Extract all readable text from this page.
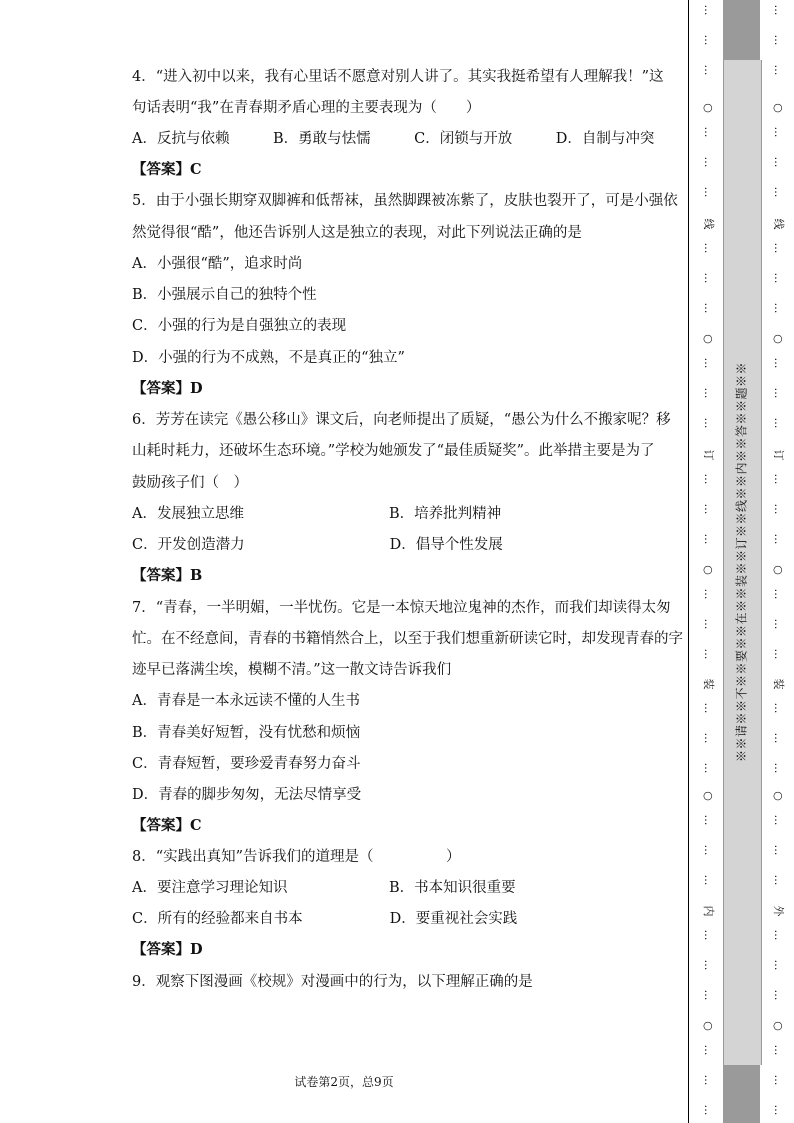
4．“进入初中以来，我有心里话不愿意对别人讲了。其实我挺希望有人理解我！”这
句话表明“我”在青春期矛盾心理的主要表现为（　　）
A．反抗与依赖　　　B．勇敢与怯懦　　　C．闭锁与开放　　　D．自制与冲突
【答案】C
5．由于小强长期穿双脚裤和低帮袜，虽然脚踝被冻紫了，皮肤也裂开了，可是小强依
然觉得很“酷”，他还告诉别人这是独立的表现，对此下列说法正确的是
A．小强很“酷”，追求时尚
B．小强展示自己的独特个性
C．小强的行为是自强独立的表现
D．小强的行为不成熟，不是真正的“独立”
【答案】D
6．芳芳在读完《愚公移山》课文后，向老师提出了质疑，“愚公为什么不搬家呢？移
山耗时耗力，还破坏生态环境。”学校为她颁发了“最佳质疑奖”。此举措主要是为了
鼓励孩子们（　）
A．发展独立思维　　　　　　　　　　B．培养批判精神
C．开发创造潜力　　　　　　　　　　D．倡导个性发展
【答案】B
7．“青春，一半明媚，一半忧伤。它是一本惊天地泣鬼神的杰作，而我们却读得太匆
忙。在不经意间，青春的书籍悄然合上，以至于我们想重新研读它时，却发现青春的字
迹早已落满尘埃，模糊不清。”这一散文诗告诉我们
A．青春是一本永远读不懂的人生书
B．青春美好短暂，没有忧愁和烦恼
C．青春短暂，要珍爱青春努力奋斗
D．青春的脚步匆匆，无法尽情享受
【答案】C
8．“实践出真知”告诉我们的道理是（　　　　　）
A．要注意学习理论知识　　　　　　　B．书本知识很重要
C．所有的经验都来自书本　　　　　　D．要重视社会实践
【答案】D
9．观察下图漫画《校规》对漫画中的行为，以下理解正确的是
试卷第2页，总9页
※※请※※不※※要※※在※※装※※订※※线※※内※※答※※题※※
…
…
…
○
…
…
…
线
…
…
…
○
…
…
…
订
…
…
…
○
…
…
…
装
…
…
…
○
…
…
…
内
…
…
…
○
…
…
…
…
…
…
○
…
…
…
线
…
…
…
○
…
…
…
订
…
…
…
○
…
…
…
装
…
…
…
○
…
…
…
外
…
…
…
○
…
…
…
